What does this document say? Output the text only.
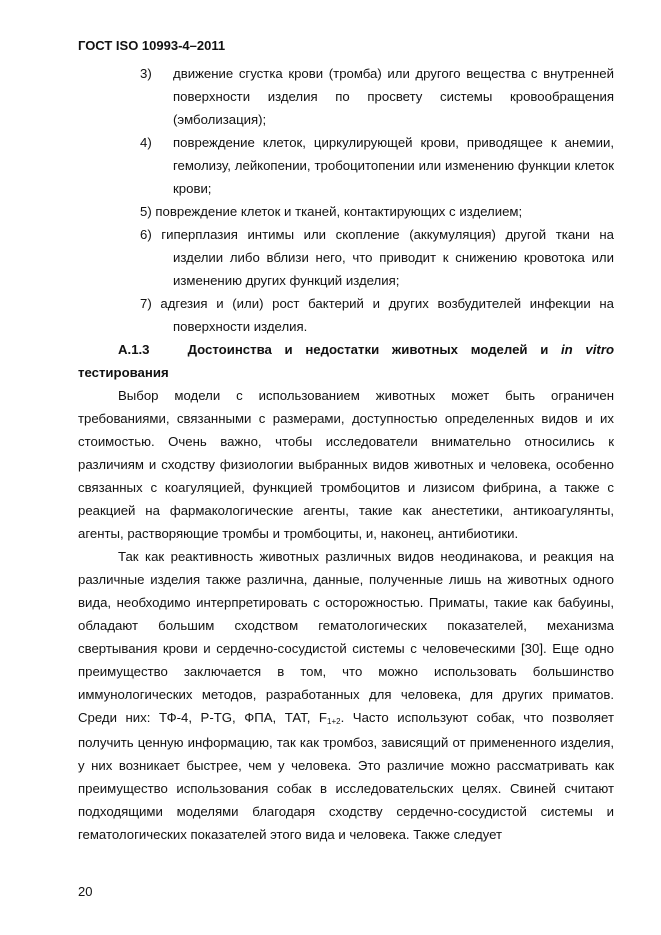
ГОСТ ISO 10993-4–2011
3) движение сгустка крови (тромба) или другого вещества с внутренней поверхности изделия по просвету системы кровообращения (эмболизация);
4) повреждение клеток, циркулирующей крови, приводящее к анемии, гемолизу, лейкопении, тробоцитопении или изменению функции клеток крови;
5) повреждение клеток и тканей, контактирующих с изделием;
6) гиперплазия интимы или скопление (аккумуляция) другой ткани на изделии либо вблизи него, что приводит к снижению кровотока или изменению других функций изделия;
7) адгезия и (или) рост бактерий и других возбудителей инфекции на поверхности изделия.
А.1.3	Достоинства и недостатки животных моделей и in vitro тестирования
Выбор модели с использованием животных может быть ограничен требованиями, связанными с размерами, доступностью определенных видов и их стоимостью. Очень важно, чтобы исследователи внимательно относились к различиям и сходству физиологии выбранных видов животных и человека, особенно связанных с коагуляцией, функцией тромбоцитов и лизисом фибрина, а также с реакцией на фармакологические агенты, такие как анестетики, антикоагулянты, агенты, растворяющие тромбы и тромбоциты, и, наконец, антибиотики.
Так как реактивность животных различных видов неодинакова, и реакция на различные изделия также различна, данные, полученные лишь на животных одного вида, необходимо интерпретировать с осторожностью. Приматы, такие как бабуины, обладают большим сходством гематологических показателей, механизма свертывания крови и сердечно-сосудистой системы с человеческими [30]. Еще одно преимущество заключается в том, что можно использовать большинство иммунологических методов, разработанных для человека, для других приматов. Среди них: ТФ-4, P-TG, ФПА, ТАТ, $F_{1+2}$. Часто используют собак, что позволяет получить ценную информацию, так как тромбоз, зависящий от примененного изделия, у них возникает быстрее, чем у человека. Это различие можно рассматривать как преимущество использования собак в исследовательских целях. Свиней считают подходящими моделями благодаря сходству сердечно-сосудистой системы и гематологических показателей этого вида и человека. Также следует
20
